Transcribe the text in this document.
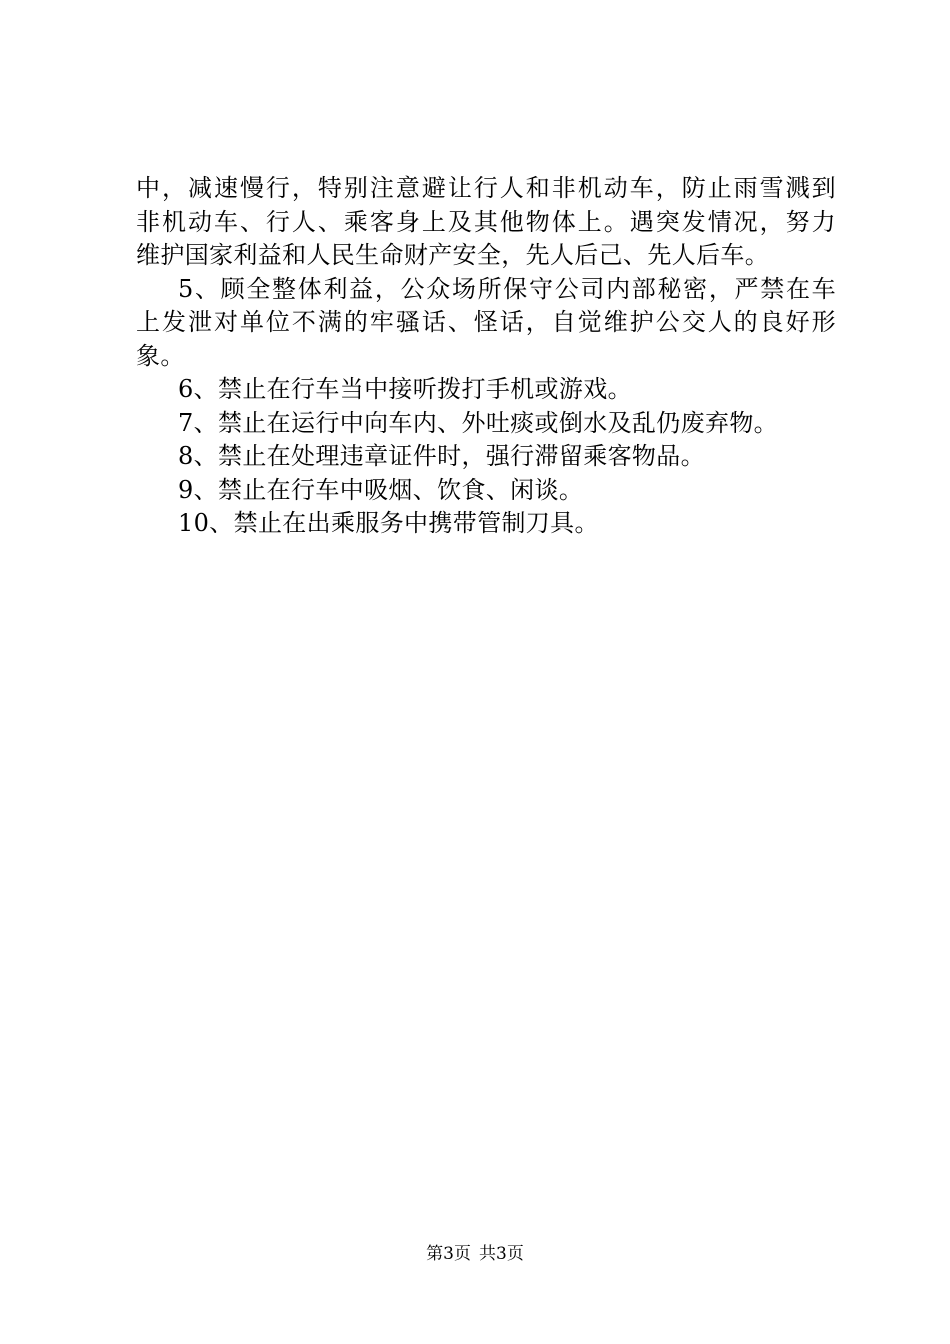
中，减速慢行，特别注意避让行人和非机动车，防止雨雪溅到
非机动车、行人、乘客身上及其他物体上。遇突发情况，努力
维护国家利益和人民生命财产安全，先人后己、先人后车。
5、顾全整体利益，公众场所保守公司内部秘密，严禁在车
上发泄对单位不满的牢骚话、怪话，自觉维护公交人的良好形
象。
6、禁止在行车当中接听拨打手机或游戏。
7、禁止在运行中向车内、外吐痰或倒水及乱仍废弃物。
8、禁止在处理违章证件时，强行滞留乘客物品。
9、禁止在行车中吸烟、饮食、闲谈。
10、禁止在出乘服务中携带管制刀具。
第3页 共3页
